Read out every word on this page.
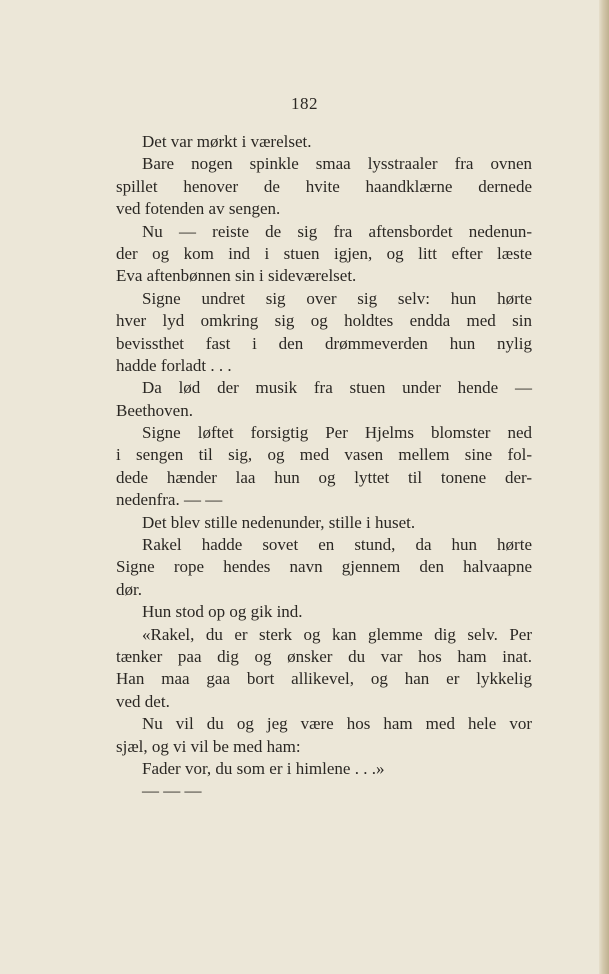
182
Det var mørkt i værelset.
Bare nogen spinkle smaa lysstraaler fra ovnen
spillet henover de hvite haandklærne dernede
ved fotenden av sengen.
Nu — reiste de sig fra aftensbordet nedenun-
der og kom ind i stuen igjen, og litt efter læste
Eva aftenbønnen sin i sideværelset.
Signe undret sig over sig selv: hun hørte
hver lyd omkring sig og holdtes endda med sin
bevissthet fast i den drømmeverden hun nylig
hadde forladt . . .
Da lød der musik fra stuen under hende —
Beethoven.
Signe løftet forsigtig Per Hjelms blomster ned
i sengen til sig, og med vasen mellem sine fol-
dede hænder laa hun og lyttet til tonene der-
nedenfra. — —
Det blev stille nedenunder, stille i huset.
Rakel hadde sovet en stund, da hun hørte
Signe rope hendes navn gjennem den halvaapne
dør.
Hun stod op og gik ind.
«Rakel, du er sterk og kan glemme dig selv. Per
tænker paa dig og ønsker du var hos ham inat.
Han maa gaa bort allikevel, og han er lykkelig
ved det.
Nu vil du og jeg være hos ham med hele vor
sjæl, og vi vil be med ham:
Fader vor, du som er i himlene . . .»
— — —
